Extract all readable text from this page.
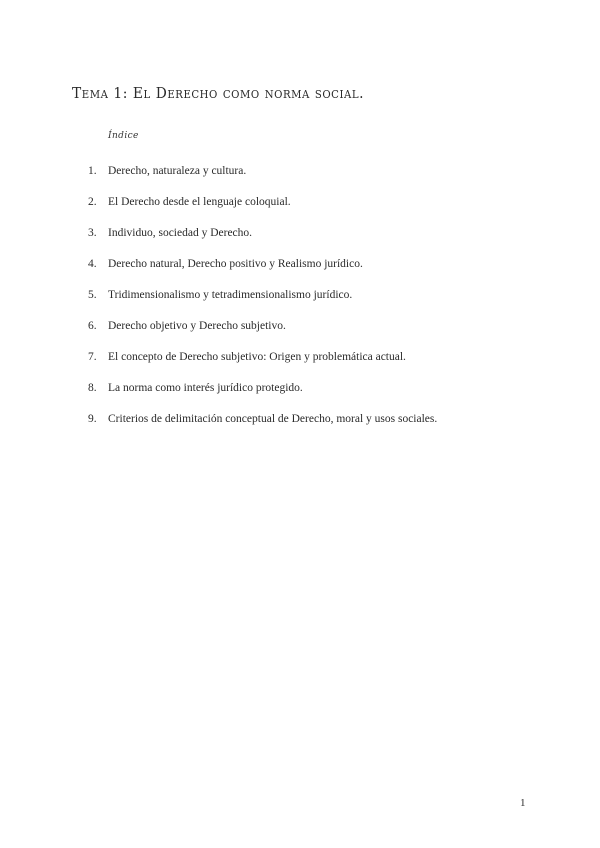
Tema 1: El Derecho como norma social.
Índice
1. Derecho, naturaleza y cultura.
2. El Derecho desde el lenguaje coloquial.
3. Individuo, sociedad y Derecho.
4. Derecho natural, Derecho positivo y Realismo jurídico.
5. Tridimensionalismo y tetradimensionalismo jurídico.
6. Derecho objetivo y Derecho subjetivo.
7. El concepto de Derecho subjetivo: Origen y problemática actual.
8. La norma como interés jurídico protegido.
9. Criterios de delimitación conceptual de Derecho, moral y usos sociales.
1
